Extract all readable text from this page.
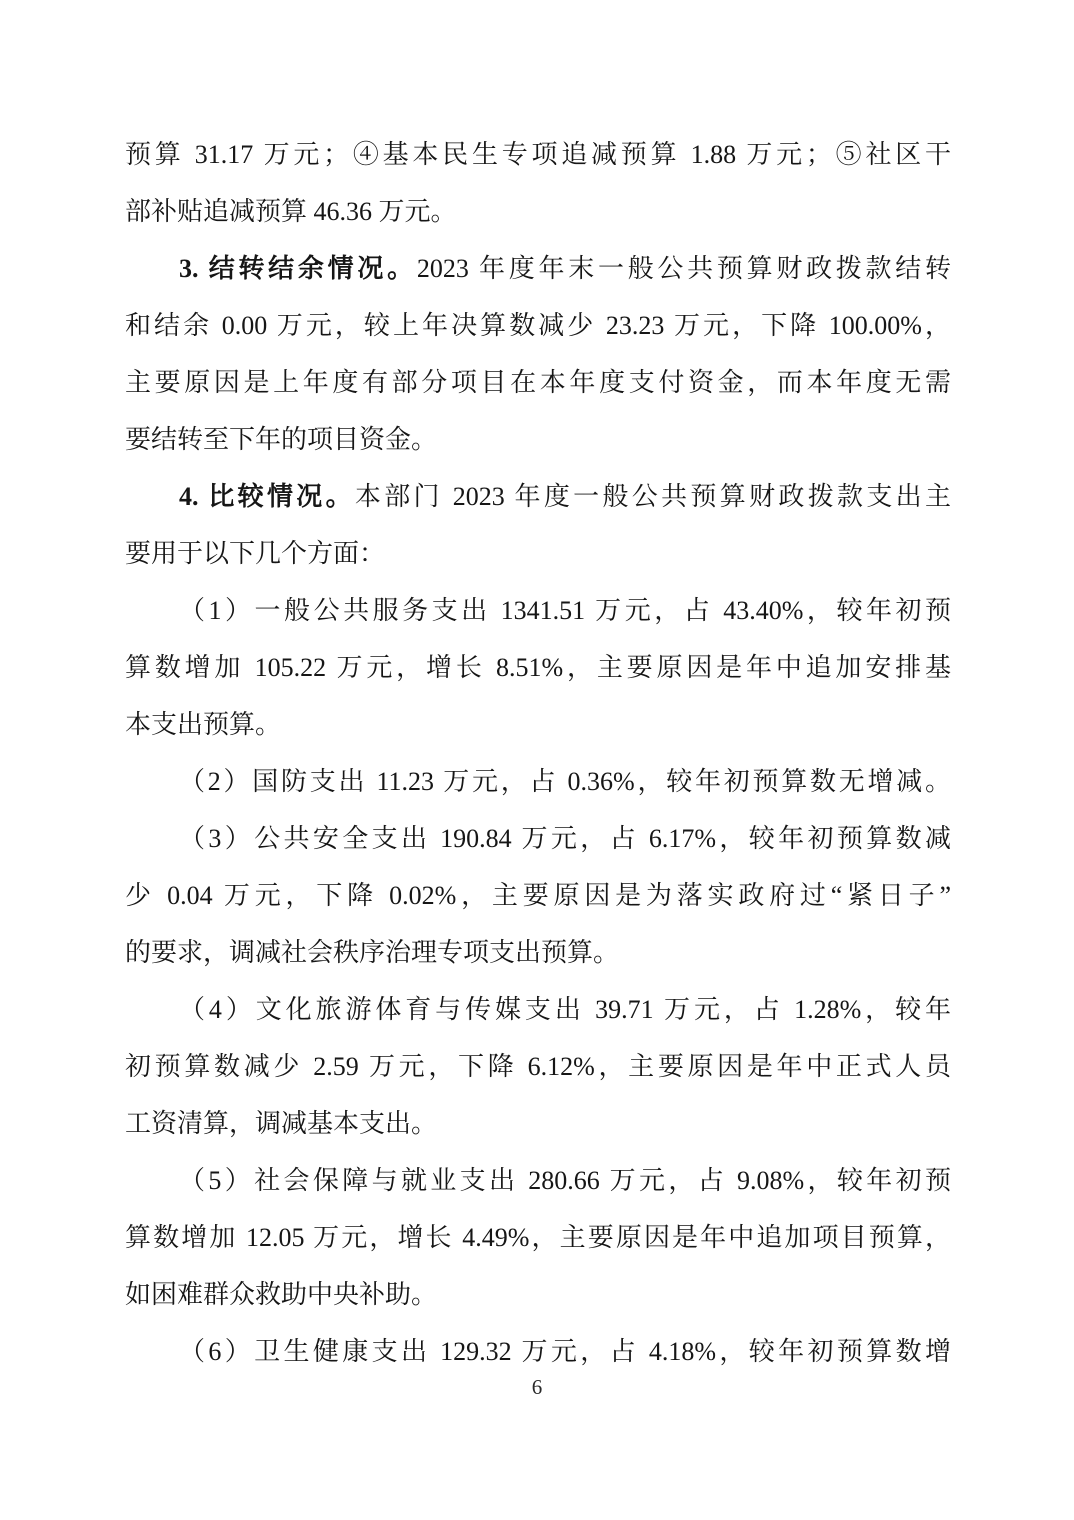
预算 31.17 万元；④基本民生专项追减预算 1.88 万元；⑤社区干
部补贴追减预算 46.36 万元。
3. 结转结余情况。2023 年度年末一般公共预算财政拨款结转
和结余 0.00 万元，较上年决算数减少 23.23 万元，下降 100.00%，
主要原因是上年度有部分项目在本年度支付资金，而本年度无需
要结转至下年的项目资金。
4. 比较情况。本部门 2023 年度一般公共预算财政拨款支出主
要用于以下几个方面：
（1）一般公共服务支出 1341.51 万元，占 43.40%，较年初预
算数增加 105.22 万元，增长 8.51%，主要原因是年中追加安排基
本支出预算。
（2）国防支出 11.23 万元，占 0.36%，较年初预算数无增减。
（3）公共安全支出 190.84 万元，占 6.17%，较年初预算数减
少 0.04 万元，下降 0.02%，主要原因是为落实政府过“紧日子”
的要求，调减社会秩序治理专项支出预算。
（4）文化旅游体育与传媒支出 39.71 万元，占 1.28%，较年
初预算数减少 2.59 万元，下降 6.12%，主要原因是年中正式人员
工资清算，调减基本支出。
（5）社会保障与就业支出 280.66 万元，占 9.08%，较年初预
算数增加 12.05 万元，增长 4.49%，主要原因是年中追加项目预算，
如困难群众救助中央补助。
（6）卫生健康支出 129.32 万元，占 4.18%，较年初预算数增
6
